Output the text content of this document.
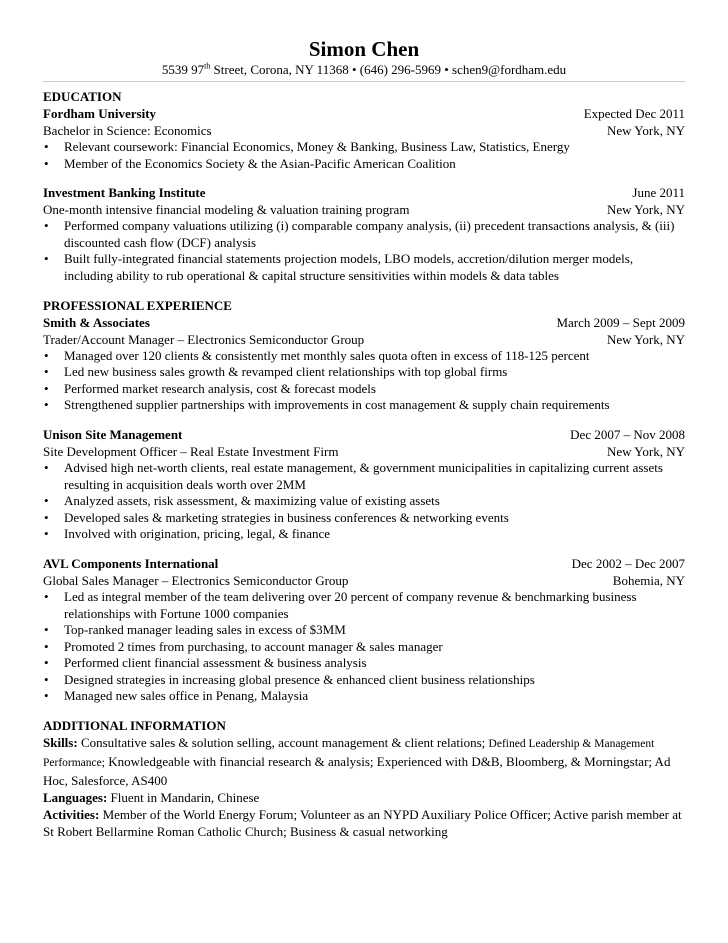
Simon Chen
5539 97th Street, Corona, NY 11368 • (646) 296-5969 • schen9@fordham.edu
EDUCATION
Fordham University	Expected Dec 2011
Bachelor in Science: Economics	New York, NY
• Relevant coursework: Financial Economics, Money & Banking, Business Law, Statistics, Energy
• Member of the Economics Society & the Asian-Pacific American Coalition
Investment Banking Institute	June 2011
One-month intensive financial modeling & valuation training program	New York, NY
• Performed company valuations utilizing (i) comparable company analysis, (ii) precedent transactions analysis, & (iii) discounted cash flow (DCF) analysis
• Built fully-integrated financial statements projection models, LBO models, accretion/dilution merger models, including ability to rub operational & capital structure sensitivities within models & data tables
PROFESSIONAL EXPERIENCE
Smith & Associates	March 2009 – Sept 2009
Trader/Account Manager – Electronics Semiconductor Group	New York, NY
• Managed over 120 clients & consistently met monthly sales quota often in excess of 118-125 percent
• Led new business sales growth & revamped client relationships with top global firms
• Performed market research analysis, cost & forecast models
• Strengthened supplier partnerships with improvements in cost management & supply chain requirements
Unison Site Management	Dec 2007 – Nov 2008
Site Development Officer – Real Estate Investment Firm	New York, NY
• Advised high net-worth clients, real estate management, & government municipalities in capitalizing current assets resulting in acquisition deals worth over 2MM
• Analyzed assets, risk assessment, & maximizing value of existing assets
• Developed sales & marketing strategies in business conferences & networking events
• Involved with origination, pricing, legal, & finance
AVL Components International	Dec 2002 – Dec 2007
Global Sales Manager – Electronics Semiconductor Group	Bohemia, NY
• Led as integral member of the team delivering over 20 percent of company revenue & benchmarking business relationships with Fortune 1000 companies
• Top-ranked manager leading sales in excess of $3MM
• Promoted 2 times from purchasing, to account manager & sales manager
• Performed client financial assessment & business analysis
• Designed strategies in increasing global presence & enhanced client business relationships
• Managed new sales office in Penang, Malaysia
ADDITIONAL INFORMATION
Skills: Consultative sales & solution selling, account management & client relations; Defined Leadership & Management Performance; Knowledgeable with financial research & analysis; Experienced with D&B, Bloomberg, & Morningstar; Ad Hoc, Salesforce, AS400
Languages: Fluent in Mandarin, Chinese
Activities: Member of the World Energy Forum; Volunteer as an NYPD Auxiliary Police Officer; Active parish member at St Robert Bellarmine Roman Catholic Church; Business & casual networking
